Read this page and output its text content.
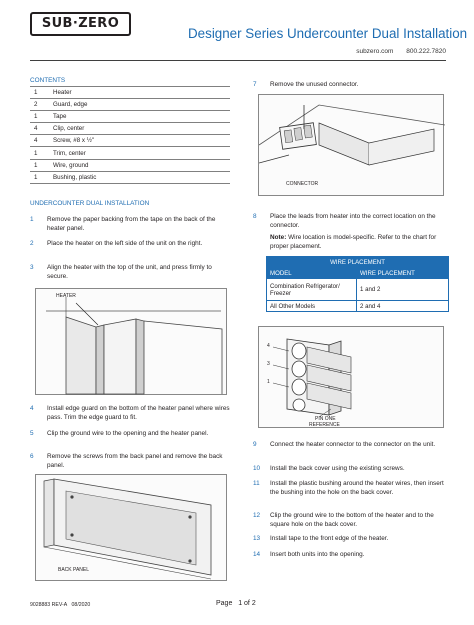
SUB·ZERO
Designer Series Undercounter Dual Installation
subzero.com 800.222.7820
CONTENTS
1	Heater
2	Guard, edge
1	Tape
4	Clip, center
4	Screw, #8 x ½"
1	Trim, center
1	Wire, ground
1	Bushing, plastic
UNDERCOUNTER DUAL INSTALLATION
1	Remove the paper backing from the tape on the back of the heater panel.
2	Place the heater on the left side of the unit on the right.
3	Align the heater with the top of the unit, and press firmly to secure.
HEATER
4	Install edge guard on the bottom of the heater panel where wires pass. Trim the edge guard to fit.
5	Clip the ground wire to the opening and the heater panel.
6	Remove the screws from the back panel and remove the back panel.
BACK PANEL
7	Remove the unused connector.
CONNECTOR
8	Place the leads from heater into the correct location on the connector.
Note: Wire location is model-specific. Refer to the chart for proper placement.
WIRE PLACEMENT	
MODEL	WIRE PLACEMENT
Combination Refrigerator/ Freezer	1 and 2
All Other Models	2 and 4
4
3
1
PIN ONE
REFERENCE
9	Connect the heater connector to the connector on the unit.
10	Install the back cover using the existing screws.
11	Install the plastic bushing around the heater wires, then insert the bushing into the hole on the back cover.
12	Clip the ground wire to the bottom of the heater and to the square hole on the back cover.
13	Install tape to the front edge of the heater.
14	Insert both units into the opening.
9028883 REV-A 08/2020	Page 1 of 2
